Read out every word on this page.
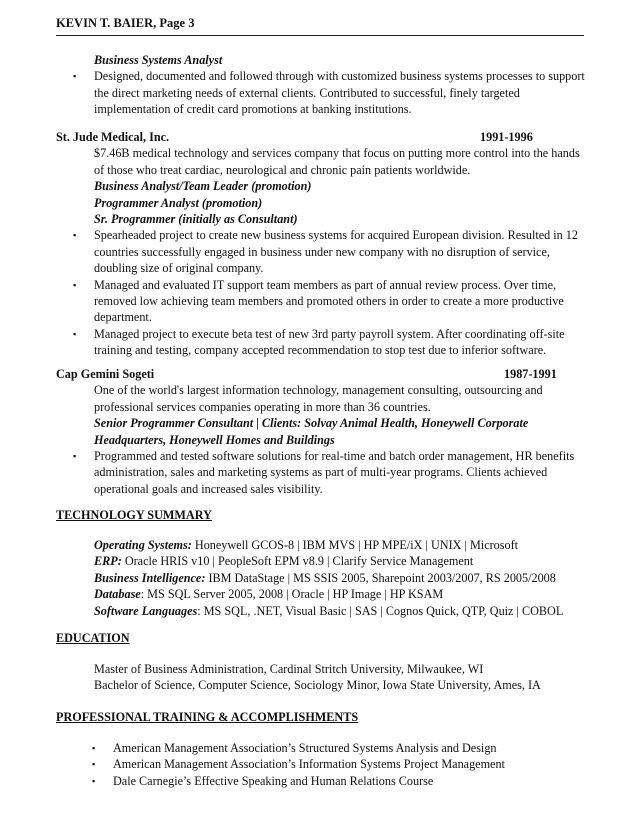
KEVIN T. BAIER, Page 3
Business Systems Analyst
▪ Designed, documented and followed through with customized business systems processes to support the direct marketing needs of external clients. Contributed to successful, finely targeted implementation of credit card promotions at banking institutions.
St. Jude Medical, Inc.	1991-1996
$7.46B medical technology and services company that focus on putting more control into the hands of those who treat cardiac, neurological and chronic pain patients worldwide.
Business Analyst/Team Leader (promotion)
Programmer Analyst (promotion)
Sr. Programmer (initially as Consultant)
▪ Spearheaded project to create new business systems for acquired European division. Resulted in 12 countries successfully engaged in business under new company with no disruption of service, doubling size of original company.
▪ Managed and evaluated IT support team members as part of annual review process. Over time, removed low achieving team members and promoted others in order to create a more productive department.
▪ Managed project to execute beta test of new 3rd party payroll system. After coordinating off-site training and testing, company accepted recommendation to stop test due to inferior software.
Cap Gemini Sogeti	1987-1991
One of the world's largest information technology, management consulting, outsourcing and professional services companies operating in more than 36 countries.
Senior Programmer Consultant | Clients: Solvay Animal Health, Honeywell Corporate Headquarters, Honeywell Homes and Buildings
▪ Programmed and tested software solutions for real-time and batch order management, HR benefits administration, sales and marketing systems as part of multi-year programs. Clients achieved operational goals and increased sales visibility.
TECHNOLOGY SUMMARY
Operating Systems: Honeywell GCOS-8 | IBM MVS | HP MPE/iX | UNIX | Microsoft
ERP: Oracle HRIS v10 | PeopleSoft EPM v8.9 | Clarify Service Management
Business Intelligence: IBM DataStage | MS SSIS 2005, Sharepoint 2003/2007, RS 2005/2008
Database: MS SQL Server 2005, 2008 | Oracle | HP Image | HP KSAM
Software Languages: MS SQL, .NET, Visual Basic | SAS | Cognos Quick, QTP, Quiz | COBOL
EDUCATION
Master of Business Administration, Cardinal Stritch University, Milwaukee, WI
Bachelor of Science, Computer Science, Sociology Minor, Iowa State University, Ames, IA
PROFESSIONAL TRAINING & ACCOMPLISHMENTS
▪ American Management Association’s Structured Systems Analysis and Design
▪ American Management Association’s Information Systems Project Management
▪ Dale Carnegie’s Effective Speaking and Human Relations Course
